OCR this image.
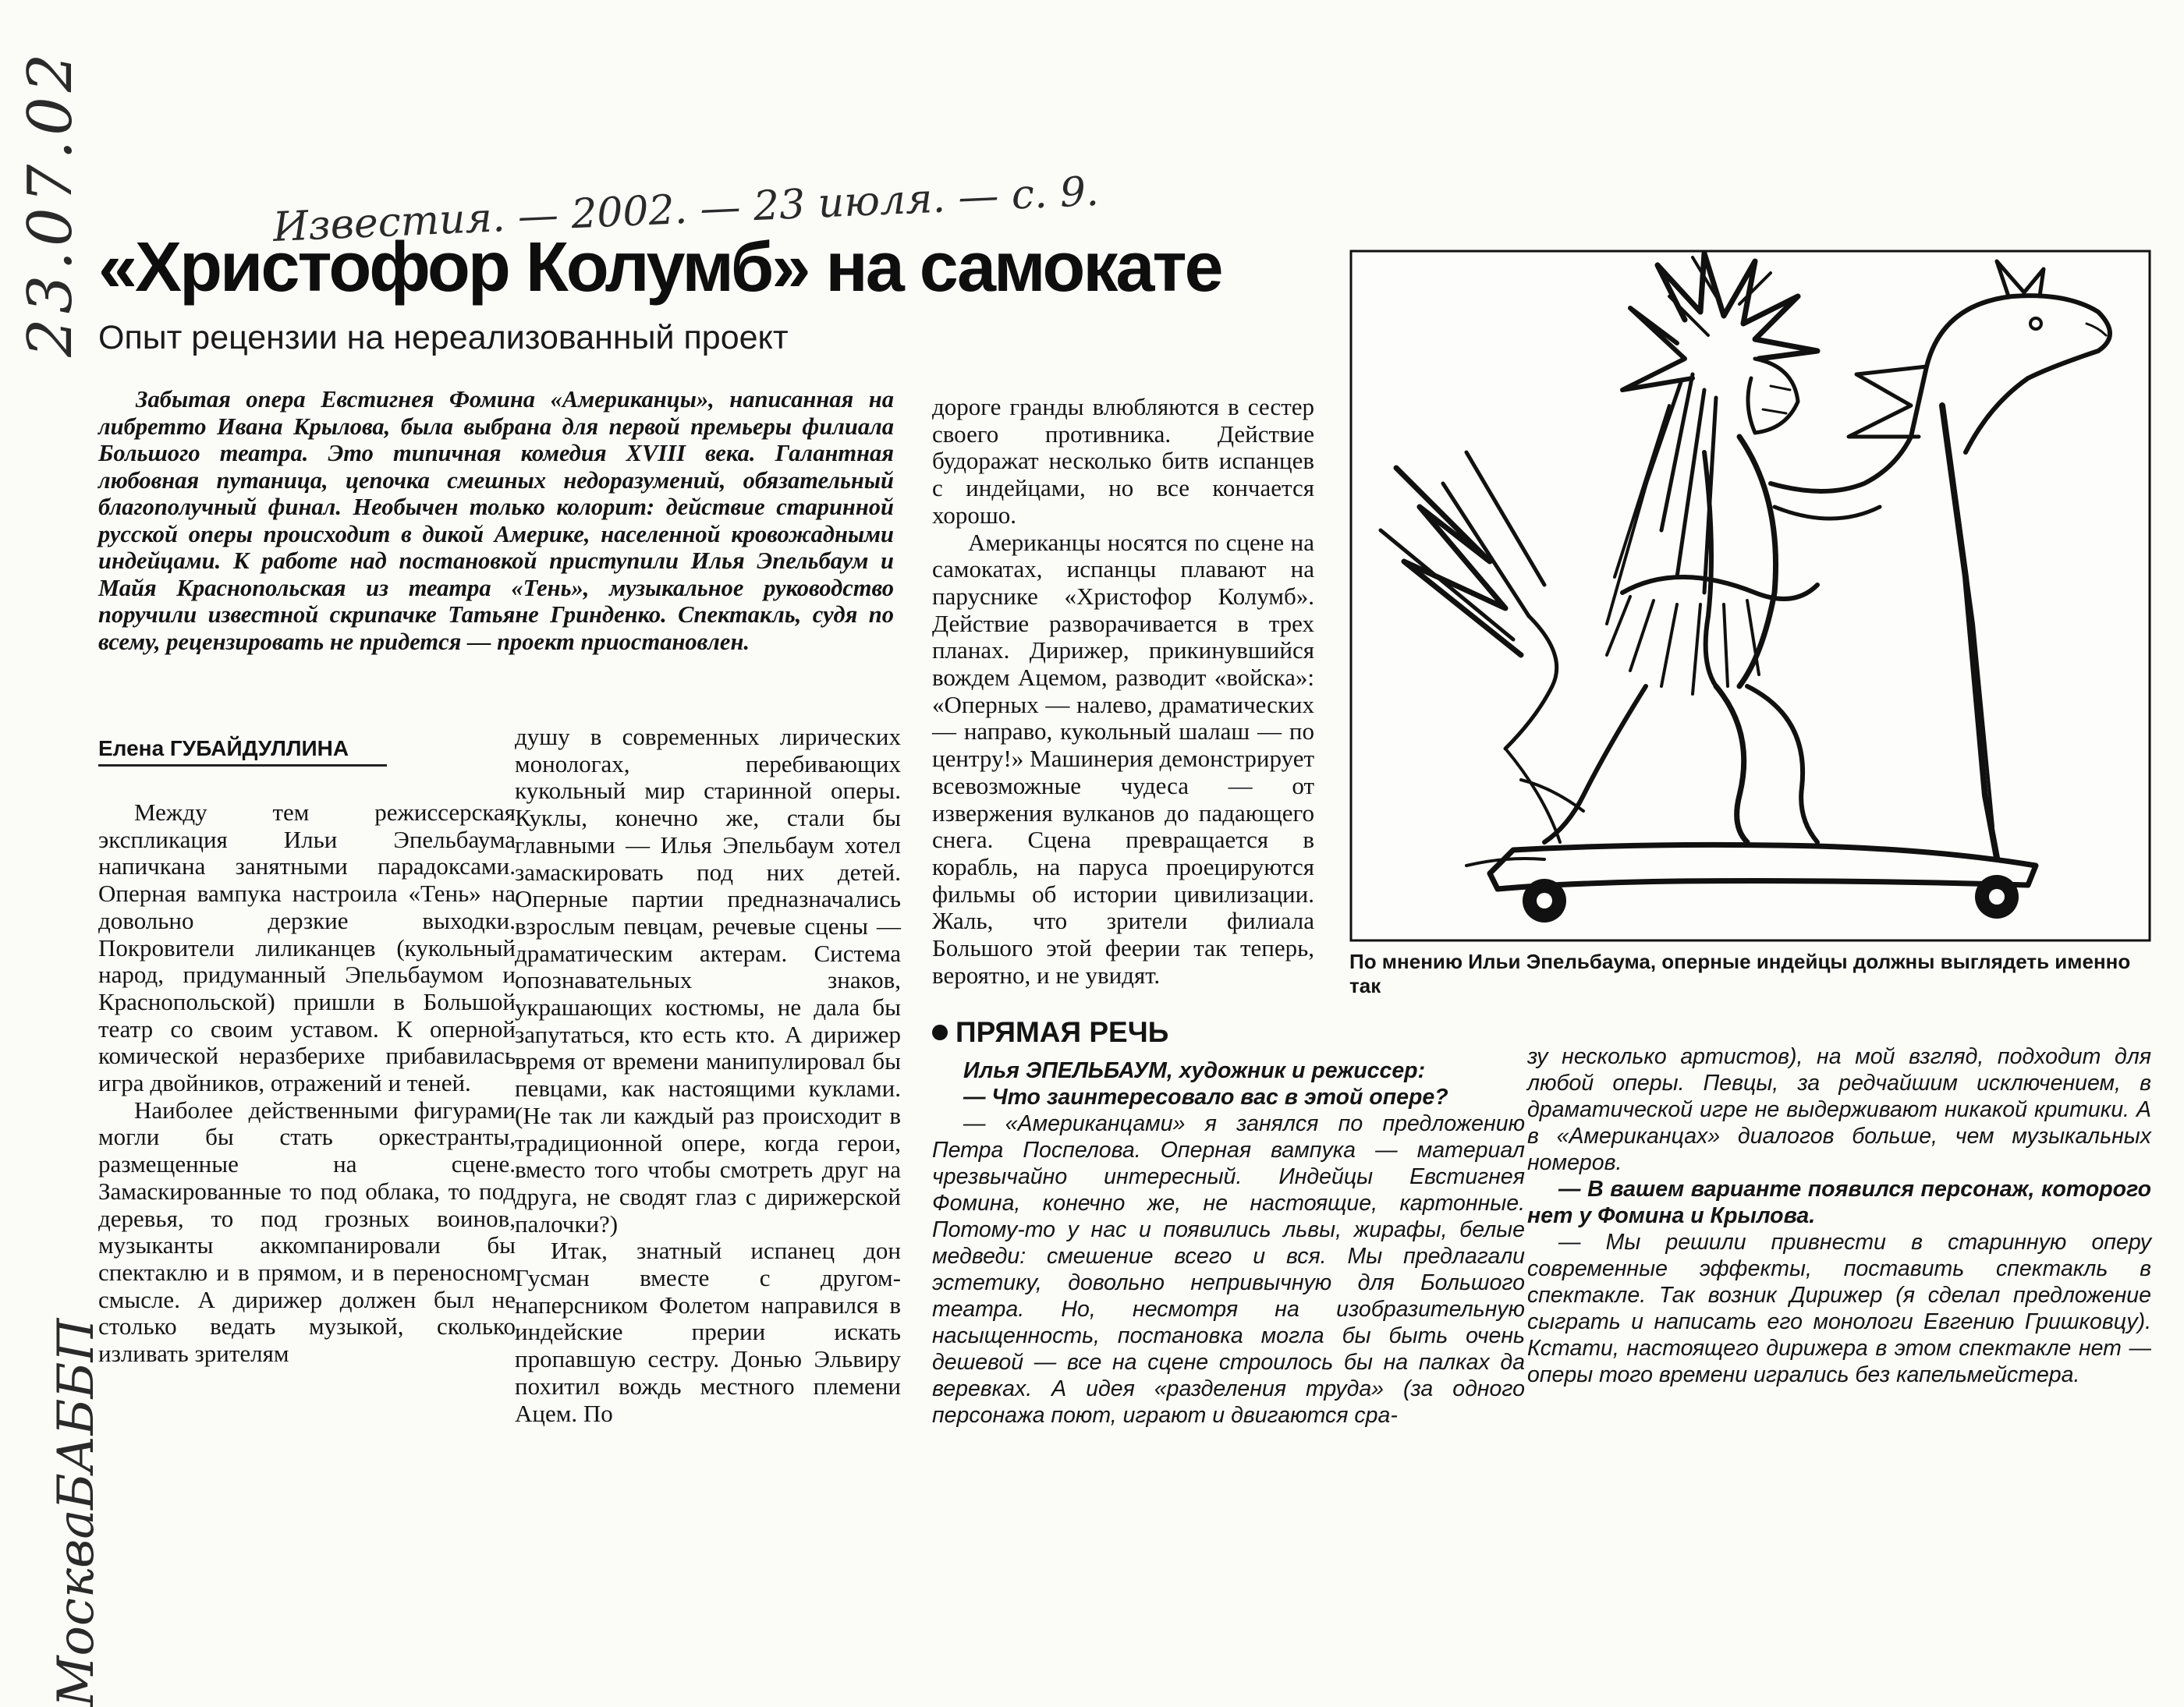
23.07.02	Известия. — 2002. — 23 июля. — с. 9.
Москва
БАББП
«Христофор Колумб» на самокате
Опыт рецензии на нереализованный проект

Забытая опера Евстигнея Фомина «Американцы», написанная на либретто Ивана Крылова, была выбрана для первой премьеры филиала Большого театра. Это типичная комедия XVIII века. Галантная любовная путаница, цепочка смешных недоразумений, обязательный благополучный финал. Необычен только колорит: действие старинной русской оперы происходит в дикой Америке, населенной кровожадными индейцами. К работе над постановкой приступили Илья Эпельбаум и Майя Краснопольская из театра «Тень», музыкальное руководство поручили известной скрипачке Татьяне Гринденко. Спектакль, судя по всему, рецензировать не придется — проект приостановлен.

Елена ГУБАЙДУЛЛИНА

Между тем режиссерская экспликация Ильи Эпельбаума напичкана занятными парадоксами. Оперная вампука настроила «Тень» на довольно дерзкие выходки. Покровители лиликанцев (кукольный народ, придуманный Эпельбаумом и Краснопольской) пришли в Большой театр со своим уставом. К оперной комической неразберихе прибавилась игра двойников, отражений и теней.

Наиболее действенными фигурами могли бы стать оркестранты, размещенные на сцене. Замаскированные то под облака, то под деревья, то под грозных воинов, музыканты аккомпанировали бы спектаклю и в прямом, и в переносном смысле. А дирижер должен был не столько ведать музыкой, сколько изливать зрителям

душу в современных лирических монологах, перебивающих кукольный мир старинной оперы. Куклы, конечно же, стали бы главными — Илья Эпельбаум хотел замаскировать под них детей. Оперные партии предназначались взрослым певцам, речевые сцены — драматическим актерам. Система опознавательных знаков, украшающих костюмы, не дала бы запутаться, кто есть кто. А дирижер время от времени манипулировал бы певцами, как настоящими куклами. (Не так ли каждый раз происходит в традиционной опере, когда герои, вместо того чтобы смотреть друг на друга, не сводят глаз с дирижерской палочки?)

Итак, знатный испанец дон Гусман вместе с другом-наперсником Фолетом направился в индейские прерии искать пропавшую сестру. Донью Эльвиру похитил вождь местного племени Ацем. По

дороге гранды влюбляются в сестер своего противника. Действие будоражат несколько битв испанцев с индейцами, но все кончается хорошо.

Американцы носятся по сцене на самокатах, испанцы плавают на паруснике «Христофор Колумб». Действие разворачивается в трех планах. Дирижер, прикинувшийся вождем Ацемом, разводит «войска»: «Оперных — налево, драматических — направо, кукольный шалаш — по центру!» Машинерия демонстрирует всевозможные чудеса — от извержения вулканов до падающего снега. Сцена превращается в корабль, на паруса проецируются фильмы об истории цивилизации. Жаль, что зрители филиала Большого этой феерии так теперь, вероятно, и не увидят.	По мнению Ильи Эпельбаума, оперные индейцы должны выглядеть именно так

ПРЯМАЯ РЕЧЬ

Илья ЭПЕЛЬБАУМ, художник и режиссер:

— Что заинтересовало вас в этой опере?

— «Американцами» я занялся по предложению Петра Поспелова. Оперная вампука — материал чрезвычайно интересный. Индейцы Евстигнея Фомина, конечно же, не настоящие, картонные. Потому-то у нас и появились львы, жирафы, белые медведи: смешение всего и вся. Мы предлагали эстетику, довольно непривычную для Большого театра. Но, несмотря на изобразительную насыщенность, постановка могла бы быть очень дешевой — все на сцене строилось бы на палках да веревках. А идея «разделения труда» (за одного персонажа поют, играют и двигаются сра-

зу несколько артистов), на мой взгляд, подходит для любой оперы. Певцы, за редчайшим исключением, в драматической игре не выдерживают никакой критики. А в «Американцах» диалогов больше, чем музыкальных номеров.

— В вашем варианте появился персонаж, которого нет у Фомина и Крылова.

— Мы решили привнести в старинную оперу современные эффекты, поставить спектакль в спектакле. Так возник Дирижер (я сделал предложение сыграть и написать его монологи Евгению Гришковцу). Кстати, настоящего дирижера в этом спектакле нет — оперы того времени игрались без капельмейстера.
